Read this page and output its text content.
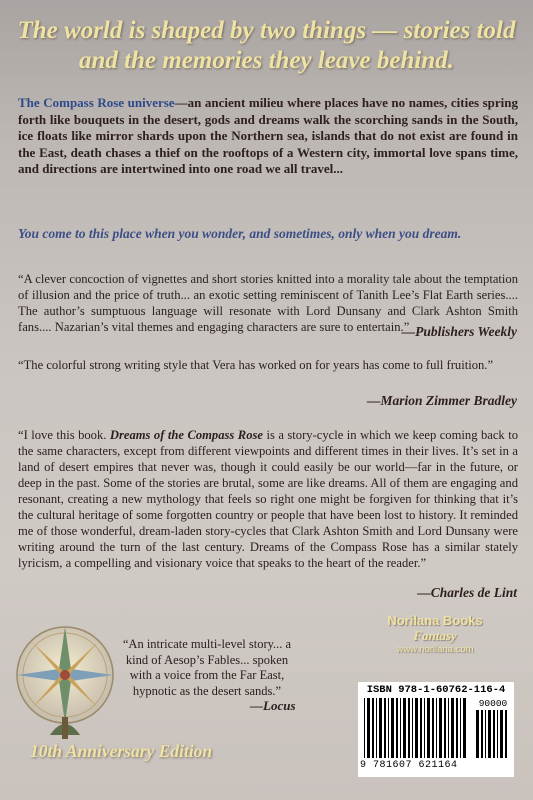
The world is shaped by two things — stories told
and the memories they leave behind.
The Compass Rose universe—an ancient milieu where places have no names, cities spring forth like bouquets in the desert, gods and dreams walk the scorching sands in the South, ice floats like mirror shards upon the Northern sea, islands that do not exist are found in the East, death chases a thief on the rooftops of a Western city, immortal love spans time, and directions are intertwined into one road we all travel...
You come to this place when you wonder, and sometimes, only when you dream.
“A clever concoction of vignettes and short stories knitted into a morality tale about the temptation of illusion and the price of truth... an exotic setting reminiscent of Tanith Lee’s Flat Earth series.... The author’s sumptuous language will resonate with Lord Dunsany and Clark Ashton Smith fans.... Nazarian’s vital themes and engaging characters are sure to entertain.”
—Publishers Weekly
“The colorful strong writing style that Vera has worked on for years has come to full fruition.”
—Marion Zimmer Bradley
“I love this book. Dreams of the Compass Rose is a story-cycle in which we keep coming back to the same characters, except from different viewpoints and different times in their lives. It’s set in a land of desert empires that never was, though it could easily be our world—far in the future, or deep in the past. Some of the stories are brutal, some are like dreams. All of them are engaging and resonant, creating a new mythology that feels so right one might be forgiven for thinking that it’s the cultural heritage of some forgotten country or people that have been lost to history. It reminded me of those wonderful, dream-laden story-cycles that Clark Ashton Smith and Lord Dunsany were writing around the turn of the last century. Dreams of the Compass Rose has a similar stately lyricism, a compelling and visionary voice that speaks to the heart of the reader.”
—Charles de Lint
“An intricate multi-level story... a kind of Aesop’s Fables... spoken with a voice from the Far East, hypnotic as the desert sands.”
—Locus
10th Anniversary Edition
Norilana Books
Fantasy
www.norilana.com
ISBN 978-1-60762-116-4
9 781607 621164
90000
